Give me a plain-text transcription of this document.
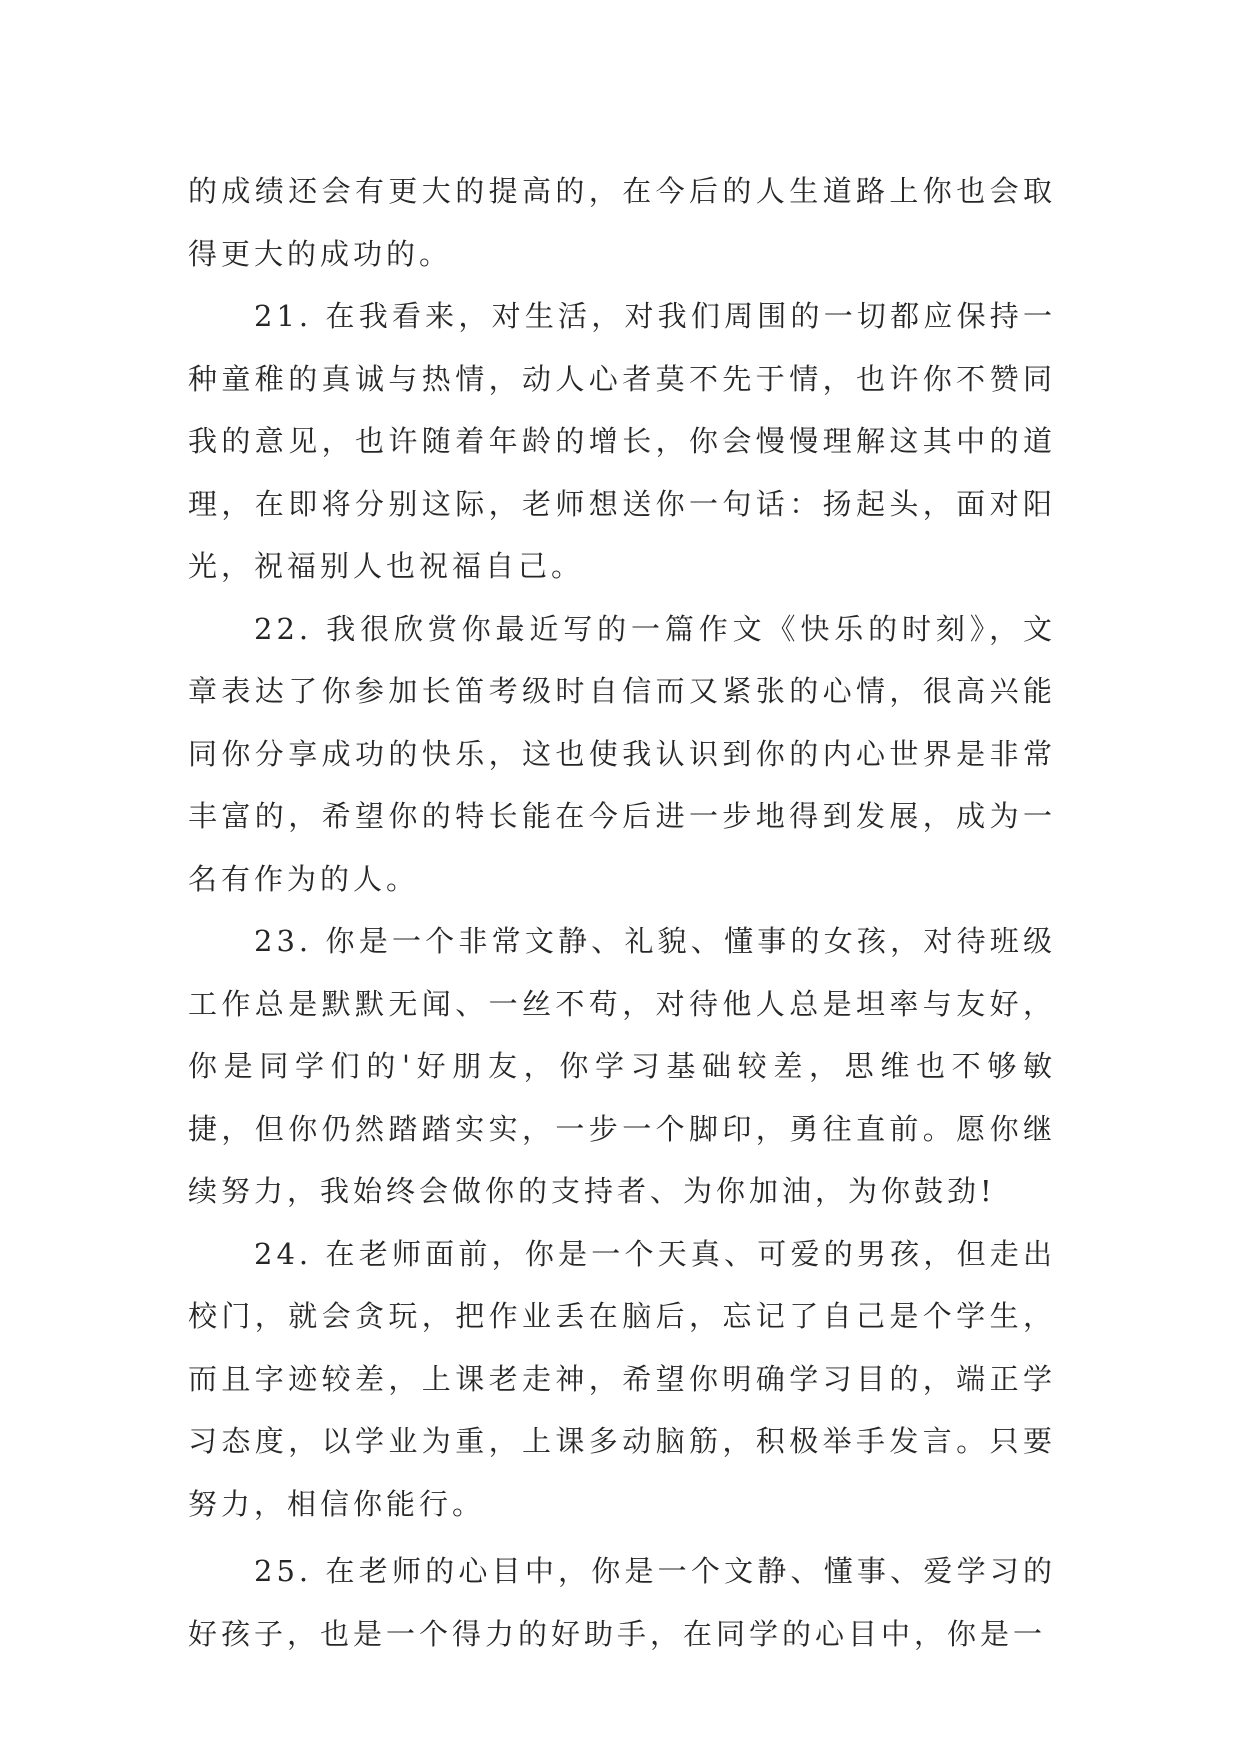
的成绩还会有更大的提高的，在今后的人生道路上你也会取得更大的成功的。

21. 在我看来，对生活，对我们周围的一切都应保持一种童稚的真诚与热情，动人心者莫不先于情，也许你不赞同我的意见，也许随着年龄的增长，你会慢慢理解这其中的道理，在即将分别这际，老师想送你一句话：扬起头，面对阳光，祝福别人也祝福自己。

22. 我很欣赏你最近写的一篇作文《快乐的时刻》，文章表达了你参加长笛考级时自信而又紧张的心情，很高兴能同你分享成功的快乐，这也使我认识到你的内心世界是非常丰富的，希望你的特长能在今后进一步地得到发展，成为一名有作为的人。

23. 你是一个非常文静、礼貌、懂事的女孩，对待班级工作总是默默无闻、一丝不苟，对待他人总是坦率与友好，你是同学们的'好朋友，你学习基础较差，思维也不够敏捷，但你仍然踏踏实实，一步一个脚印，勇往直前。愿你继续努力，我始终会做你的支持者、为你加油，为你鼓劲!

24. 在老师面前，你是一个天真、可爱的男孩，但走出校门，就会贪玩，把作业丢在脑后，忘记了自己是个学生，而且字迹较差，上课老走神，希望你明确学习目的，端正学习态度，以学业为重，上课多动脑筋，积极举手发言。只要努力，相信你能行。

25. 在老师的心目中，你是一个文静、懂事、爱学习的好孩子，也是一个得力的好助手，在同学的心目中，你是一
